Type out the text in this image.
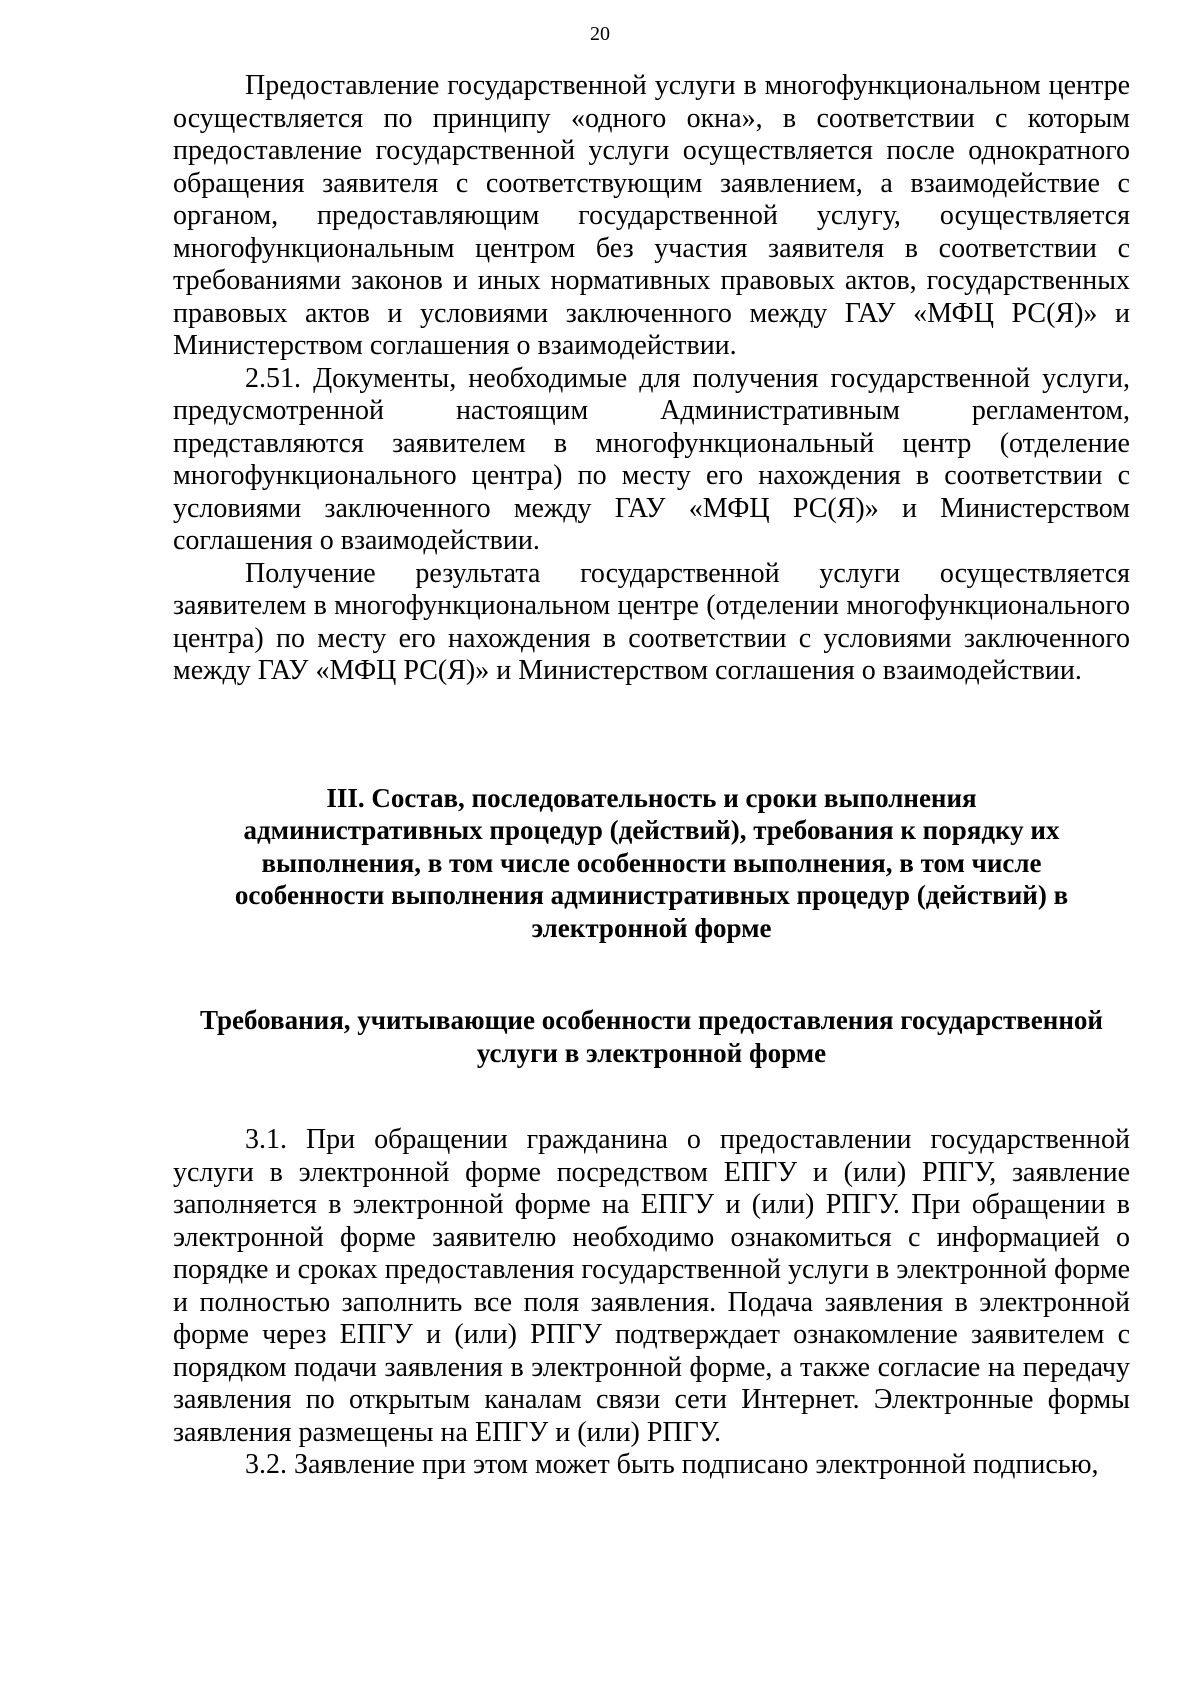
20

Предоставление государственной услуги в многофункциональном центре осуществляется по принципу «одного окна», в соответствии с которым предоставление государственной услуги осуществляется после однократного обращения заявителя с соответствующим заявлением, а взаимодействие с органом, предоставляющим государственной услугу, осуществляется многофункциональным центром без участия заявителя в соответствии с требованиями законов и иных нормативных правовых актов, государственных правовых актов и условиями заключенного между ГАУ «МФЦ РС(Я)» и Министерством соглашения о взаимодействии.

2.51. Документы, необходимые для получения государственной услуги, предусмотренной настоящим Административным регламентом, представляются заявителем в многофункциональный центр (отделение многофункционального центра) по месту его нахождения в соответствии с условиями заключенного между ГАУ «МФЦ РС(Я)» и Министерством соглашения о взаимодействии.

Получение результата государственной услуги осуществляется заявителем в многофункциональном центре (отделении многофункционального центра) по месту его нахождения в соответствии с условиями заключенного между ГАУ «МФЦ РС(Я)» и Министерством соглашения о взаимодействии.

III. Состав, последовательность и сроки выполнения административных процедур (действий), требования к порядку их выполнения, в том числе особенности выполнения, в том числе особенности выполнения административных процедур (действий) в электронной форме
Требования, учитывающие особенности предоставления государственной услуги в электронной форме

3.1. При обращении гражданина о предоставлении государственной услуги в электронной форме посредством ЕПГУ и (или) РПГУ, заявление заполняется в электронной форме на ЕПГУ и (или) РПГУ. При обращении в электронной форме заявителю необходимо ознакомиться с информацией о порядке и сроках предоставления государственной услуги в электронной форме и полностью заполнить все поля заявления. Подача заявления в электронной форме через ЕПГУ и (или) РПГУ подтверждает ознакомление заявителем с порядком подачи заявления в электронной форме, а также согласие на передачу заявления по открытым каналам связи сети Интернет. Электронные формы заявления размещены на ЕПГУ и (или) РПГУ.

3.2. Заявление при этом может быть подписано электронной подписью,
